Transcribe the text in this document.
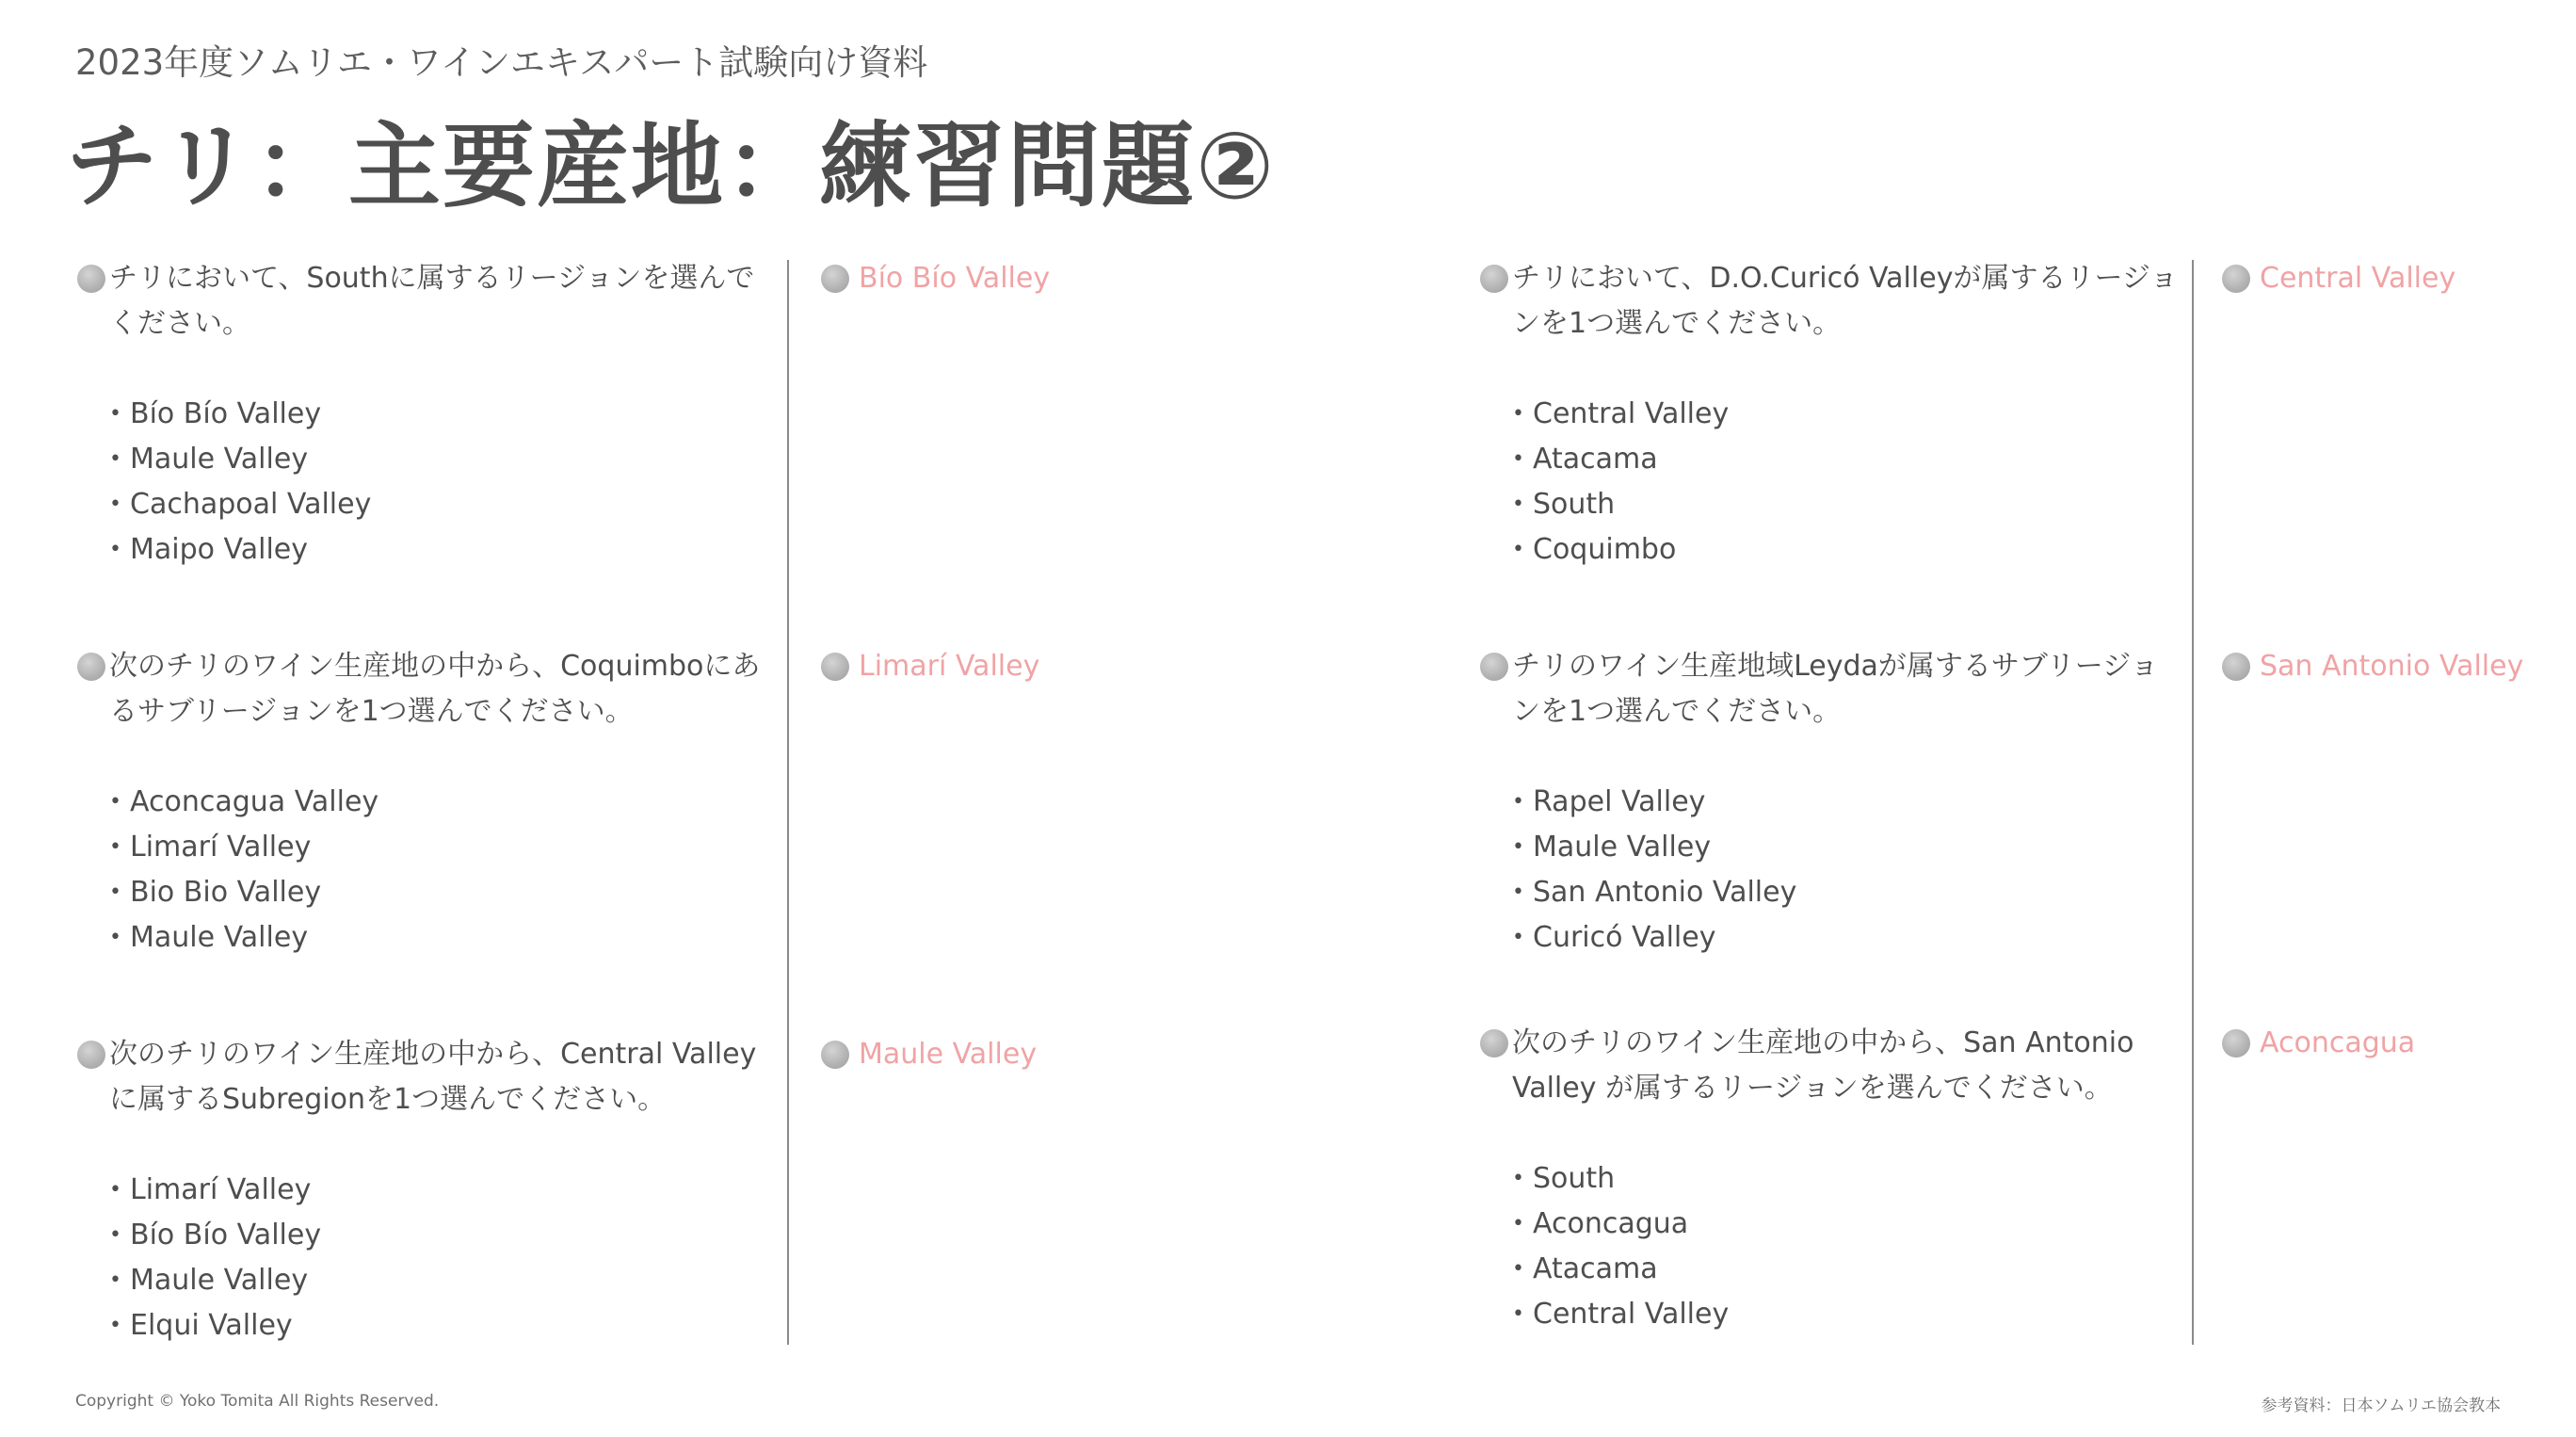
2023年度ソムリエ・ワインエキスパート試験向け資料
チリ：主要産地：練習問題②
チリにおいて、Southに属するリージョンを選んでください。
• Bío Bío Valley
• Maule Valley
• Cachapoal Valley
• Maipo Valley
Bío Bío Valley
次のチリのワイン生産地の中から、Coquimboにあるサブリージョンを1つ選んでください。
• Aconcagua Valley
• Limarí Valley
• Bio Bio Valley
• Maule Valley
Limarí Valley
次のチリのワイン生産地の中から、Central Valleyに属するSubregionを1つ選んでください。
• Limarí Valley
• Bío Bío Valley
• Maule Valley
• Elqui Valley
Maule Valley
チリにおいて、D.O.Curicó Valleyが属するリージョンを1つ選んでください。
• Central Valley
• Atacama
• South
• Coquimbo
Central Valley
チリのワイン生産地域Leydaが属するサブリージョンを1つ選んでください。
• Rapel Valley
• Maule Valley
• San Antonio Valley
• Curicó Valley
San Antonio Valley
次のチリのワイン生産地の中から、San Antonio Valley が属するリージョンを選んでください。
• South
• Aconcagua
• Atacama
• Central Valley
Aconcagua
Copyright © Yoko Tomita All Rights Reserved.	参考資料：日本ソムリエ協会教本
